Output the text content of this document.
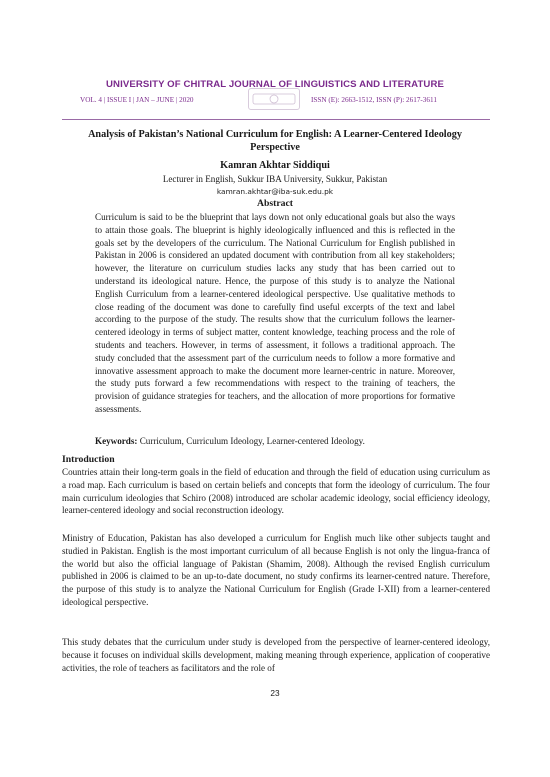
UNIVERSITY OF CHITRAL JOURNAL OF LINGUISTICS AND LITERATURE
VOL. 4 | ISSUE I | JAN – JUNE | 2020	ISSN (E): 2663-1512, ISSN (P): 2617-3611
Analysis of Pakistan’s National Curriculum for English: A Learner-Centered Ideology Perspective
Kamran Akhtar Siddiqui
Lecturer in English, Sukkur IBA University, Sukkur, Pakistan
kamran.akhtar@iba-suk.edu.pk
Abstract

Curriculum is said to be the blueprint that lays down not only educational goals but also the ways to attain those goals. The blueprint is highly ideologically influenced and this is reflected in the goals set by the developers of the curriculum. The National Curriculum for English published in Pakistan in 2006 is considered an updated document with contribution from all key stakeholders; however, the literature on curriculum studies lacks any study that has been carried out to understand its ideological nature. Hence, the purpose of this study is to analyze the National English Curriculum from a learner-centered ideological perspective. Use qualitative methods to close reading of the document was done to carefully find useful excerpts of the text and label according to the purpose of the study. The results show that the curriculum follows the learner-centered ideology in terms of subject matter, content knowledge, teaching process and the role of students and teachers. However, in terms of assessment, it follows a traditional approach. The study concluded that the assessment part of the curriculum needs to follow a more formative and innovative assessment approach to make the document more learner-centric in nature. Moreover, the study puts forward a few recommendations with respect to the training of teachers, the provision of guidance strategies for teachers, and the allocation of more proportions for formative assessments.

Keywords: Curriculum, Curriculum Ideology, Learner-centered Ideology.
Introduction

Countries attain their long-term goals in the field of education and through the field of education using curriculum as a road map. Each curriculum is based on certain beliefs and concepts that form the ideology of curriculum. The four main curriculum ideologies that Schiro (2008) introduced are scholar academic ideology, social efficiency ideology, learner-centered ideology and social reconstruction ideology.

Ministry of Education, Pakistan has also developed a curriculum for English much like other subjects taught and studied in Pakistan. English is the most important curriculum of all because English is not only the lingua-franca of the world but also the official language of Pakistan (Shamim, 2008). Although the revised English curriculum published in 2006 is claimed to be an up-to-date document, no study confirms its learner-centred nature. Therefore, the purpose of this study is to analyze the National Curriculum for English (Grade I-XII) from a learner-centered ideological perspective.

This study debates that the curriculum under study is developed from the perspective of learner-centered ideology, because it focuses on individual skills development, making meaning through experience, application of cooperative activities, the role of teachers as facilitators and the role of

23
